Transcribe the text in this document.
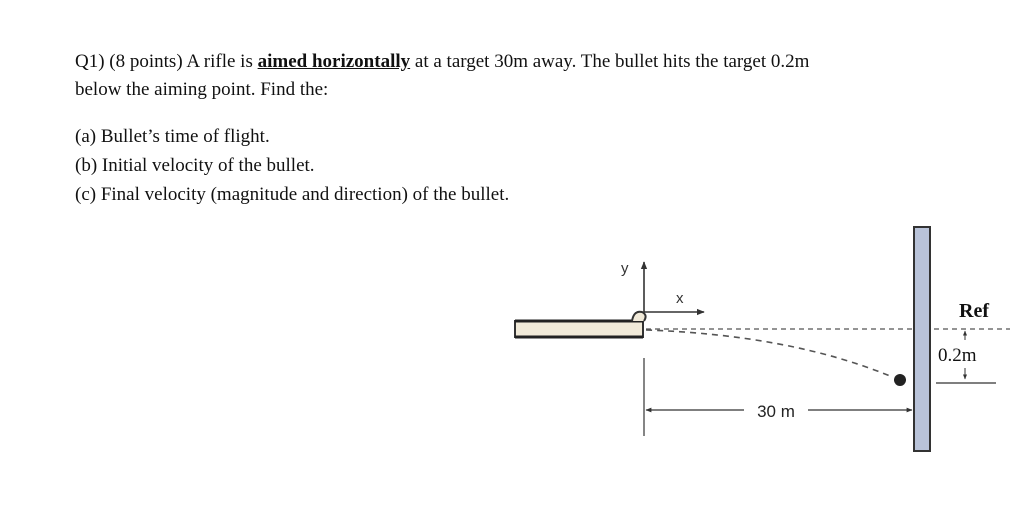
Q1) (8 points) A rifle is aimed horizontally at a target 30m away. The bullet hits the target 0.2m
below the aiming point. Find the:
(a) Bullet’s time of flight.
(b) Initial velocity of the bullet.
(c) Final velocity (magnitude and direction) of the bullet.
y
x
30 m
Ref
0.2m
